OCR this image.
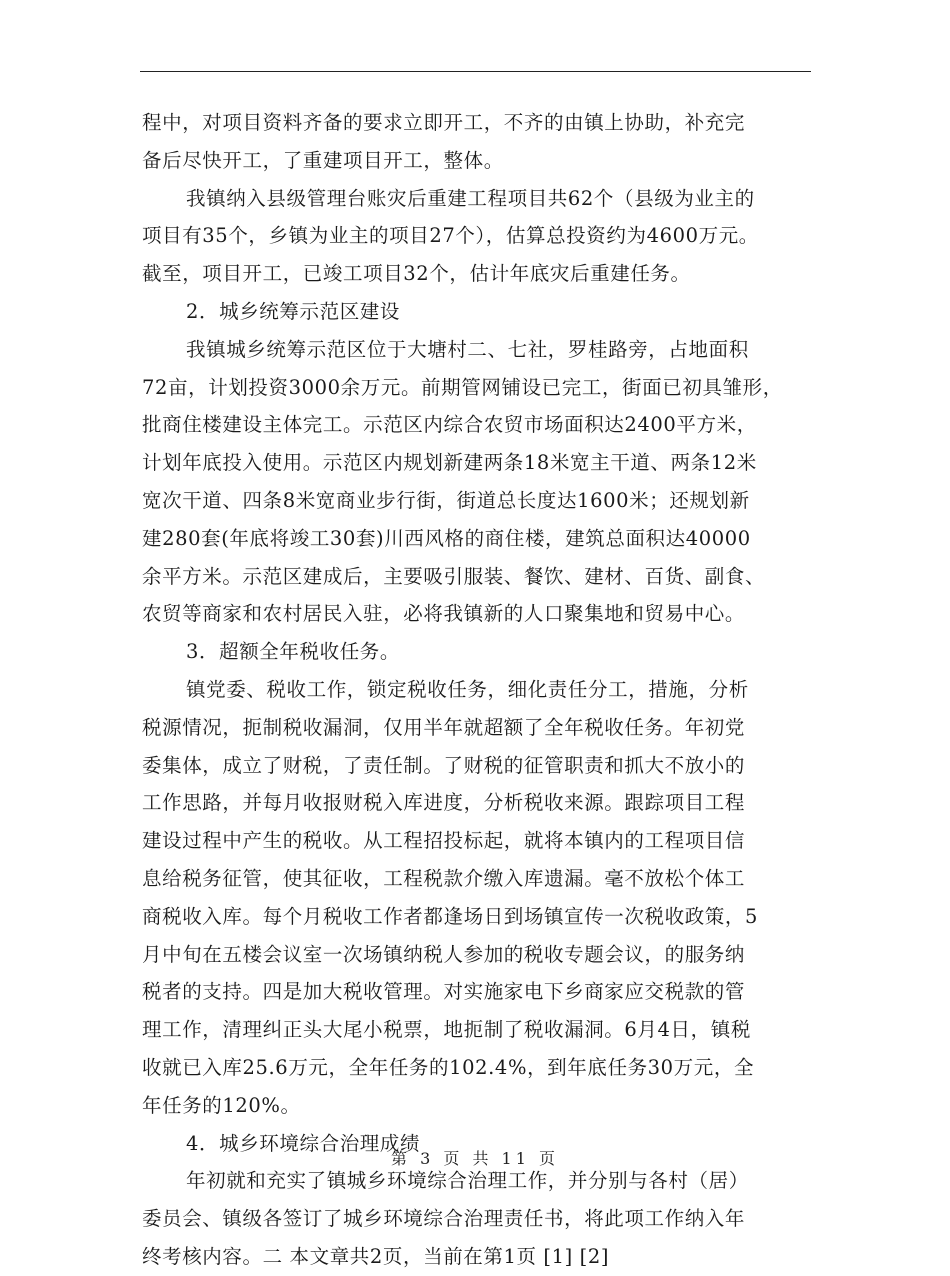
程中，对项目资料齐备的要求立即开工，不齐的由镇上协助，补充完
备后尽快开工，了重建项目开工，整体。
我镇纳入县级管理台账灾后重建工程项目共62个（县级为业主的
项目有35个，乡镇为业主的项目27个），估算总投资约为4600万元。
截至，项目开工，已竣工项目32个，估计年底灾后重建任务。
2．城乡统筹示范区建设
我镇城乡统筹示范区位于大塘村二、七社，罗桂路旁，占地面积
72亩，计划投资3000余万元。前期管网铺设已完工，街面已初具雏形，
批商住楼建设主体完工。示范区内综合农贸市场面积达2400平方米，
计划年底投入使用。示范区内规划新建两条18米宽主干道、两条12米
宽次干道、四条8米宽商业步行街，街道总长度达1600米；还规划新
建280套(年底将竣工30套)川西风格的商住楼，建筑总面积达40000
余平方米。示范区建成后，主要吸引服装、餐饮、建材、百货、副食、
农贸等商家和农村居民入驻，必将我镇新的人口聚集地和贸易中心。
3．超额全年税收任务。
镇党委、税收工作，锁定税收任务，细化责任分工，措施，分析
税源情况，扼制税收漏洞，仅用半年就超额了全年税收任务。年初党
委集体，成立了财税，了责任制。了财税的征管职责和抓大不放小的
工作思路，并每月收报财税入库进度，分析税收来源。跟踪项目工程
建设过程中产生的税收。从工程招投标起，就将本镇内的工程项目信
息给税务征管，使其征收，工程税款介缴入库遗漏。毫不放松个体工
商税收入库。每个月税收工作者都逢场日到场镇宣传一次税收政策，5
月中旬在五楼会议室一次场镇纳税人参加的税收专题会议，的服务纳
税者的支持。四是加大税收管理。对实施家电下乡商家应交税款的管
理工作，清理纠正头大尾小税票，地扼制了税收漏洞。6月4日，镇税
收就已入库25.6万元，全年任务的102.4%，到年底任务30万元，全
年任务的120%。
4．城乡环境综合治理成绩
年初就和充实了镇城乡环境综合治理工作，并分别与各村（居）
委员会、镇级各签订了城乡环境综合治理责任书，将此项工作纳入年
终考核内容。二 本文章共2页，当前在第1页 [1] [2]
第 3 页 共 11 页
